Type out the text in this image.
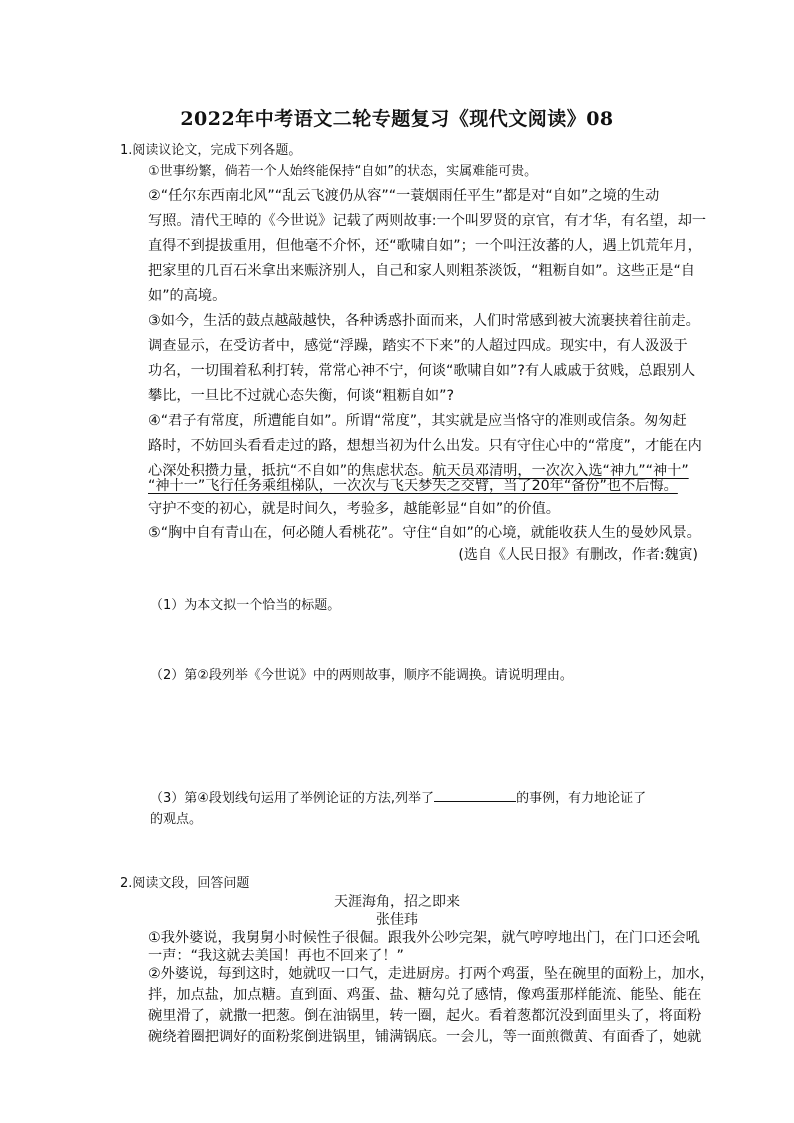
2022年中考语文二轮专题复习《现代文阅读》08
1.阅读议论文，完成下列各题。
①世事纷繁，倘若一个人始终能保持“自如”的状态，实属难能可贵。
②“任尔东西南北风”“乱云飞渡仍从容”“一蓑烟雨任平生”都是对“自如”之境的生动
写照。清代王晫的《今世说》记载了两则故事:一个叫罗贤的京官，有才华，有名望，却一
直得不到提拔重用，但他毫不介怀，还“歌啸自如”；一个叫汪汝蕃的人，遇上饥荒年月，
把家里的几百石米拿出来赈济别人，自己和家人则粗茶淡饭，“粗粝自如”。这些正是“自
如”的高境。
③如今，生活的鼓点越敲越快，各种诱惑扑面而来，人们时常感到被大流裹挟着往前走。
调查显示，在受访者中，感觉“浮躁，踏实不下来”的人超过四成。现实中，有人汲汲于
功名，一切围着私利打转，常常心神不宁，何谈“歌啸自如”?有人戚戚于贫贱，总跟别人
攀比，一旦比不过就心态失衡，何谈“粗粝自如”?
④“君子有常度，所遭能自如”。所谓“常度”，其实就是应当恪守的准则或信条。匆匆赶
路时，不妨回头看看走过的路，想想当初为什么出发。只有守住心中的“常度”，才能在内
心深处积攒力量，抵抗“不自如”的焦虑状态。航天员邓清明，一次次入选“神九”“神十”
“神十一”飞行任务乘组梯队，一次次与飞天梦失之交臂，当了20年“备份”也不后悔。
守护不变的初心，就是时间久，考验多，越能彰显“自如”的价值。
⑤“胸中自有青山在，何必随人看桃花”。守住“自如”的心境，就能收获人生的曼妙风景。
(选自《人民日报》有删改，作者:魏寅)
（1）为本文拟一个恰当的标题。
（2）第②段列举《今世说》中的两则故事，顺序不能调换。请说明理由。
（3）第④段划线句运用了举例论证的方法,列举了	的事例，有力地论证了
的观点。
2.阅读文段，回答问题
天涯海角，招之即来
张佳玮
①我外婆说，我舅舅小时候性子很倔。跟我外公吵完架，就气哼哼地出门，在门口还会吼
一声：“我这就去美国！再也不回来了！”
②外婆说，每到这时，她就叹一口气，走进厨房。打两个鸡蛋，坠在碗里的面粉上，加水，
拌，加点盐，加点糖。直到面、鸡蛋、盐、糖勾兑了感情，像鸡蛋那样能流、能坠、能在
碗里滑了，就撒一把葱。倒在油锅里，转一圈，起火。看着葱都沉没到面里头了，将面粉
碗绕着圈把调好的面粉浆倒进锅里，铺满锅底。一会儿，等一面煎微黄、有面香了，她就
